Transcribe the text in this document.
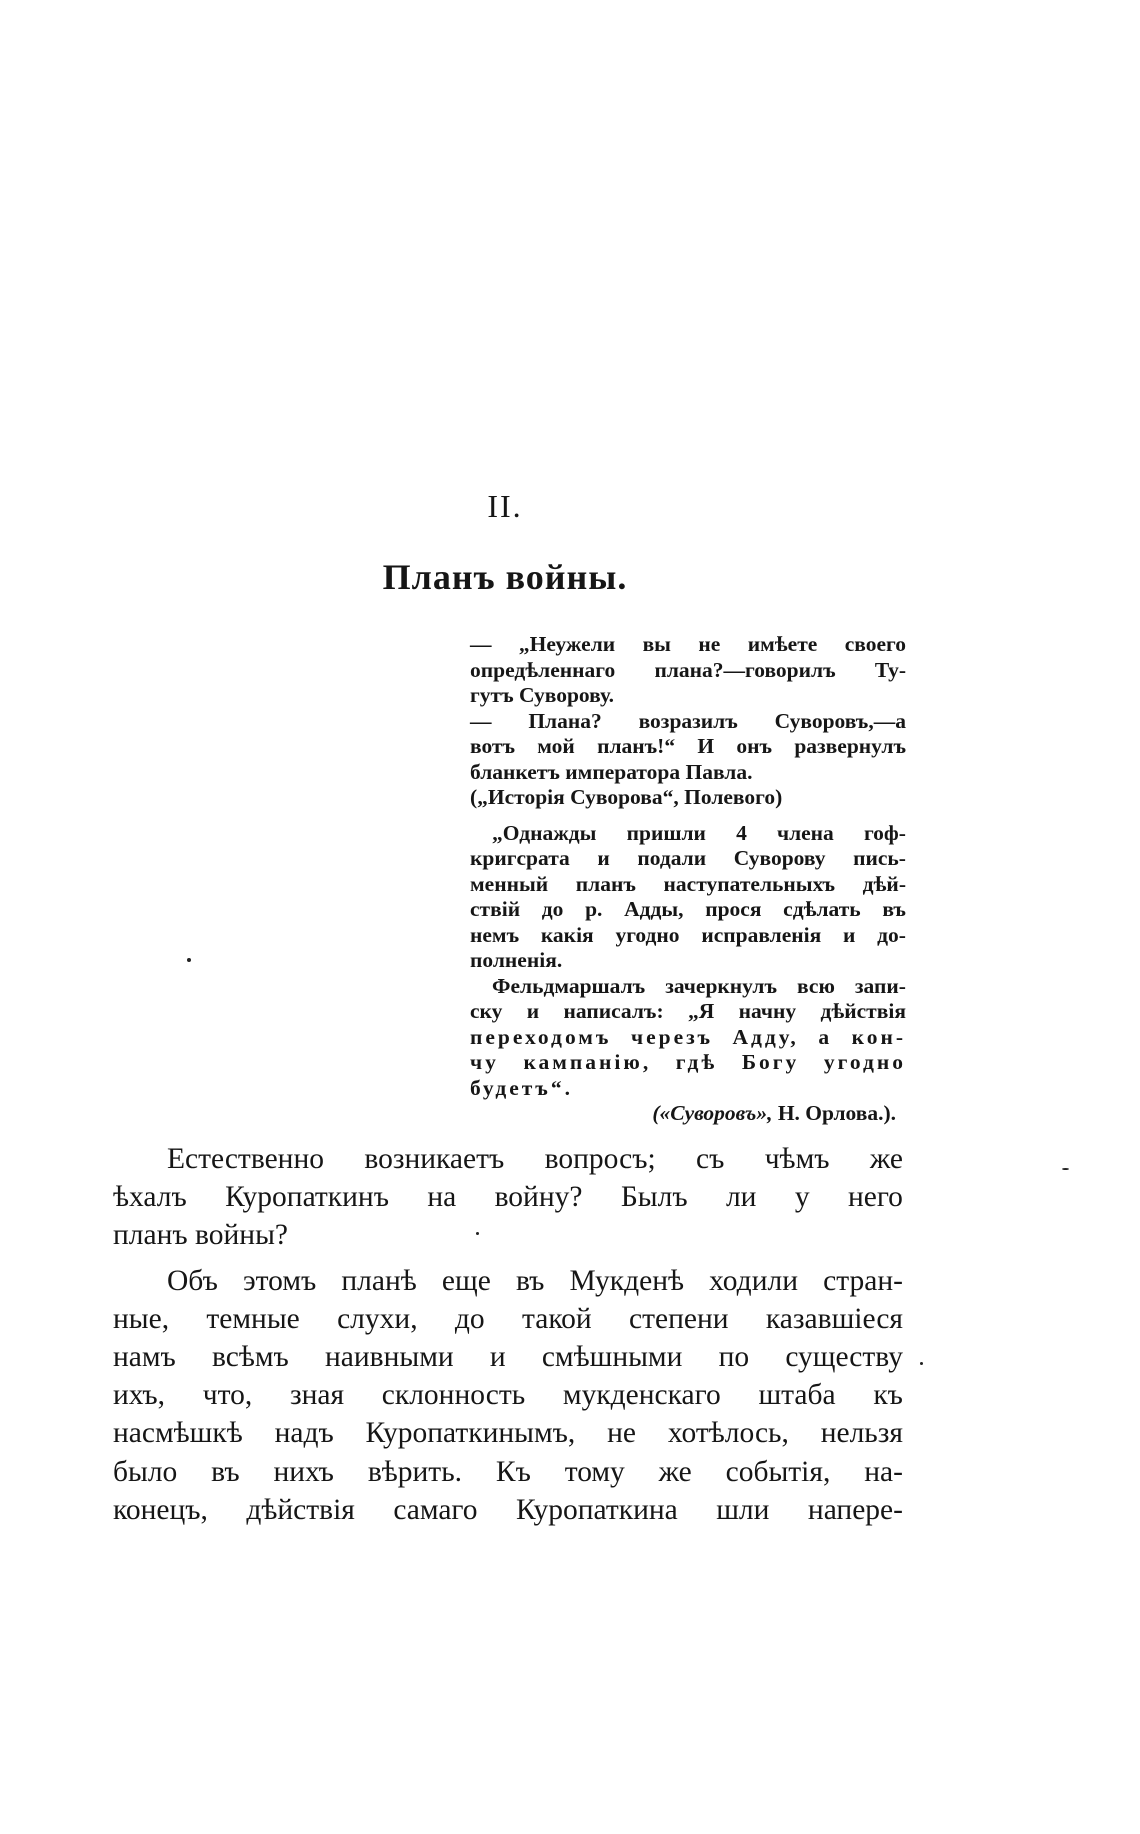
II.
Планъ войны.
— „Неужели вы не имѣете своего
опредѣленнаго плана?—говорилъ Ту-
гутъ Суворову.
— Плана? возразилъ Суворовъ,—а
вотъ мой планъ!“ И онъ развернулъ
бланкетъ императора Павла.
(„Исторія Суворова“, Полевого)
„Однажды пришли 4 члена гоф-
кригсрата и подали Суворову пись-
менный планъ наступательныхъ дѣй-
ствій до р. Адды, прося сдѣлать въ
немъ какія угодно исправленія и до-
полненія.
Фельдмаршалъ зачеркнулъ всю запи-
ску и написалъ: „Я начну дѣйствія
переходомъ черезъ Адду, а кон-
чу кампанію, гдѣ Богу угодно
будетъ“.
(«Суворовъ», Н. Орлова.).
Естественно возникаетъ вопросъ; съ чѣмъ же
ѣхалъ Куропаткинъ на войну? Былъ ли у него
планъ войны?
Объ этомъ планѣ еще въ Мукденѣ ходили стран-
ные, темные слухи, до такой степени казавшіеся
намъ всѣмъ наивными и смѣшными по существу
ихъ, что, зная склонность мукденскаго штаба къ
насмѣшкѣ надъ Куропаткинымъ, не хотѣлось, нельзя
было въ нихъ вѣрить. Къ тому же событія, на-
конецъ, дѣйствія самаго Куропаткина шли напере-
